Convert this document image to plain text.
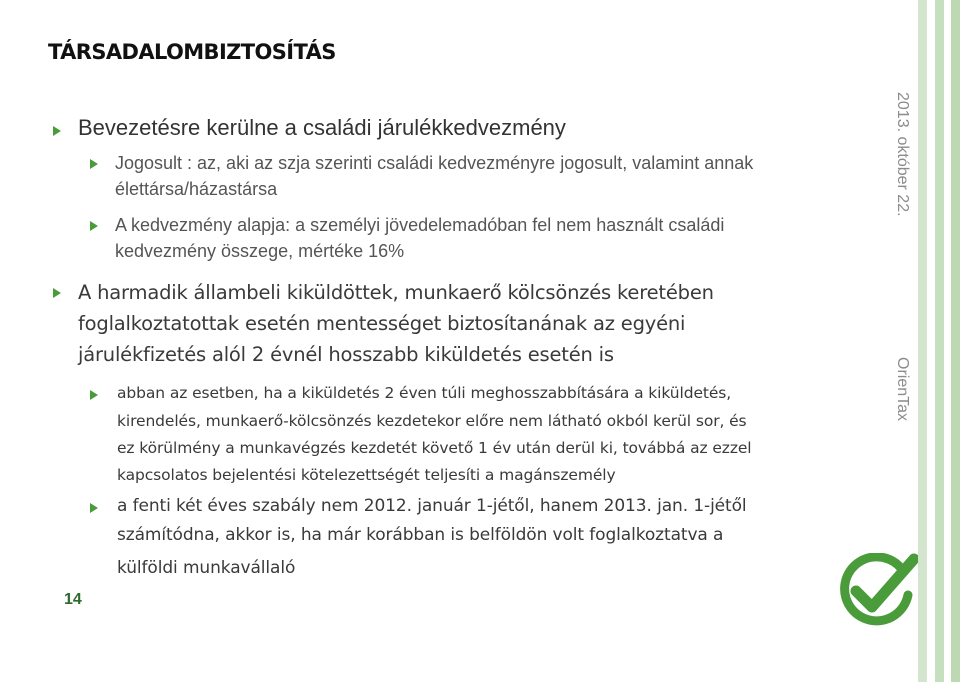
TÁRSADALOMBIZTOSÍTÁS
2013. október 22.
OrienTax
Bevezetésre kerülne a családi járulékkedvezmény
Jogosult : az, aki az szja szerinti családi kedvezményre jogosult, valamint annak
élettársa/házastársa
A kedvezmény alapja: a személyi jövedelemadóban fel nem használt családi
kedvezmény összege, mértéke 16%
A harmadik állambeli kiküldöttek, munkaerő kölcsönzés keretében
foglalkoztatottak esetén mentességet biztosítanának az egyéni
járulékfizetés alól 2 évnél hosszabb kiküldetés esetén is
abban az esetben, ha a kiküldetés 2 éven túli meghosszabbítására a kiküldetés,
kirendelés, munkaerő-kölcsönzés kezdetekor előre nem látható okból kerül sor, és
ez körülmény a munkavégzés kezdetét követő 1 év után derül ki, továbbá az ezzel
kapcsolatos bejelentési kötelezettségét teljesíti a magánszemély
a fenti két éves szabály nem 2012. január 1-jétől, hanem 2013. jan. 1-jétől
számítódna, akkor is, ha már korábban is belföldön volt foglalkoztatva a
külföldi munkavállaló
14
